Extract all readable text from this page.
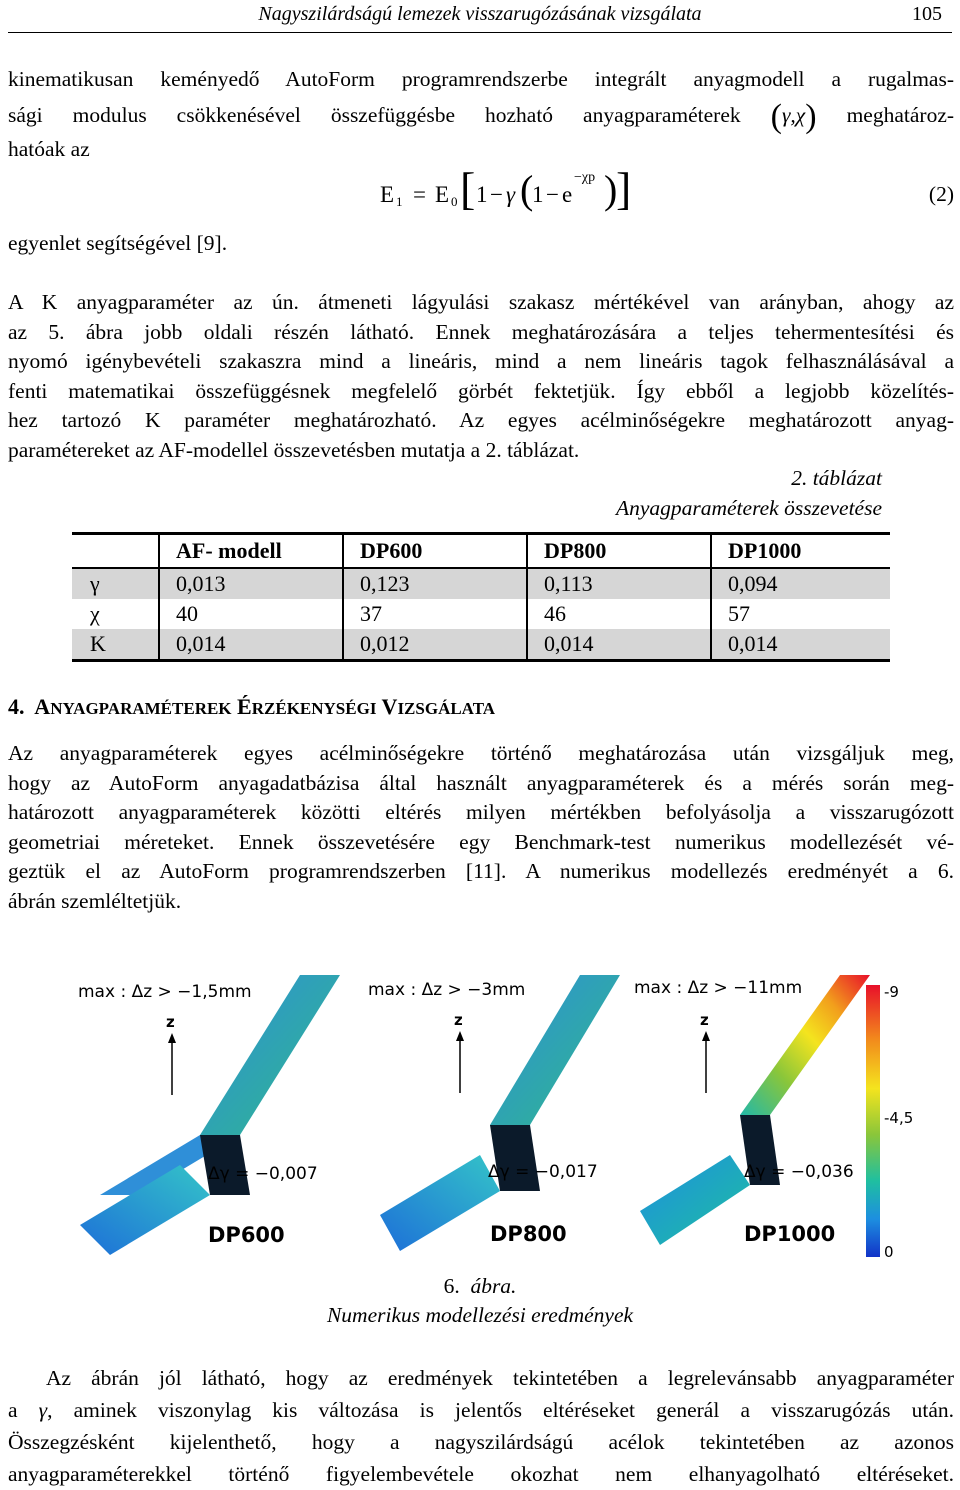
Nagyszilárdságú lemezek visszarugózásának vizsgálata	105
kinematikusan keményedő AutoForm programrendszerbe integrált anyagmodell a rugalmas-
sági modulus csökkenésével összefüggésbe hozható anyagparaméterek (γ,χ) meghatároz-
hatóak az
E 1 = E 0 [ 1 − γ (
1 − e
−χp )
]	(2)
egyenlet segítségével [9].
A K anyagparaméter az ún. átmeneti lágyulási szakasz mértékével van arányban, ahogy az
az 5. ábra jobb oldali részén látható. Ennek meghatározására a teljes tehermentesítési és
nyomó igénybevételi szakaszra mind a lineáris, mind a nem lineáris tagok felhasználásával a
fenti matematikai összefüggésnek megfelelő görbét fektetjük. Így ebből a legjobb közelítés-
hez tartozó K paraméter meghatározható. Az egyes acélminőségekre meghatározott anyag-
paramétereket az AF-modellel összevetésben mutatja a 2. táblázat.
2. táblázat
Anyagparaméterek összevetése
	AF- modell	DP600	DP800	DP1000
γ	0,013	0,123	0,113	0,094
χ	40	37	46	57
K	0,014	0,012	0,014	0,014
4. ANYAGPARAMÉTEREK ÉRZÉKENYSÉGI VIZSGÁLATA
Az anyagparaméterek egyes acélminőségekre történő meghatározása után vizsgáljuk meg,
hogy az AutoForm anyagadatbázisa által használt anyagparaméterek és a mérés során meg-
határozott anyagparaméterek közötti eltérés milyen mértékben befolyásolja a visszarugózott
geometriai méreteket. Ennek összevetésére egy Benchmark-test numerikus modellezését vé-
geztük el az AutoForm programrendszerben [11]. A numerikus modellezés eredményét a 6.
ábrán szemléltetjük.
max : Δz > −1,5mm
z
Δγ = −0,007
DP600
max : Δz > −3mm
z
Δγ = −0,017
DP800
max : Δz > −11mm
z
Δγ = −0,036
DP1000
-9
-4,5
0
6. ábra.
Numerikus modellezési eredmények
Az ábrán jól látható, hogy az eredmények tekintetében a legrelevánsabb anyagparaméter
a γ, aminek viszonylag kis változása is jelentős eltéréseket generál a visszarugózás után.
Összegzésként kijelenthető, hogy a nagyszilárdságú acélok tekintetében az azonos
anyagparaméterekkel történő figyelembevétele okozhat nem elhanyagolható eltéréseket.
